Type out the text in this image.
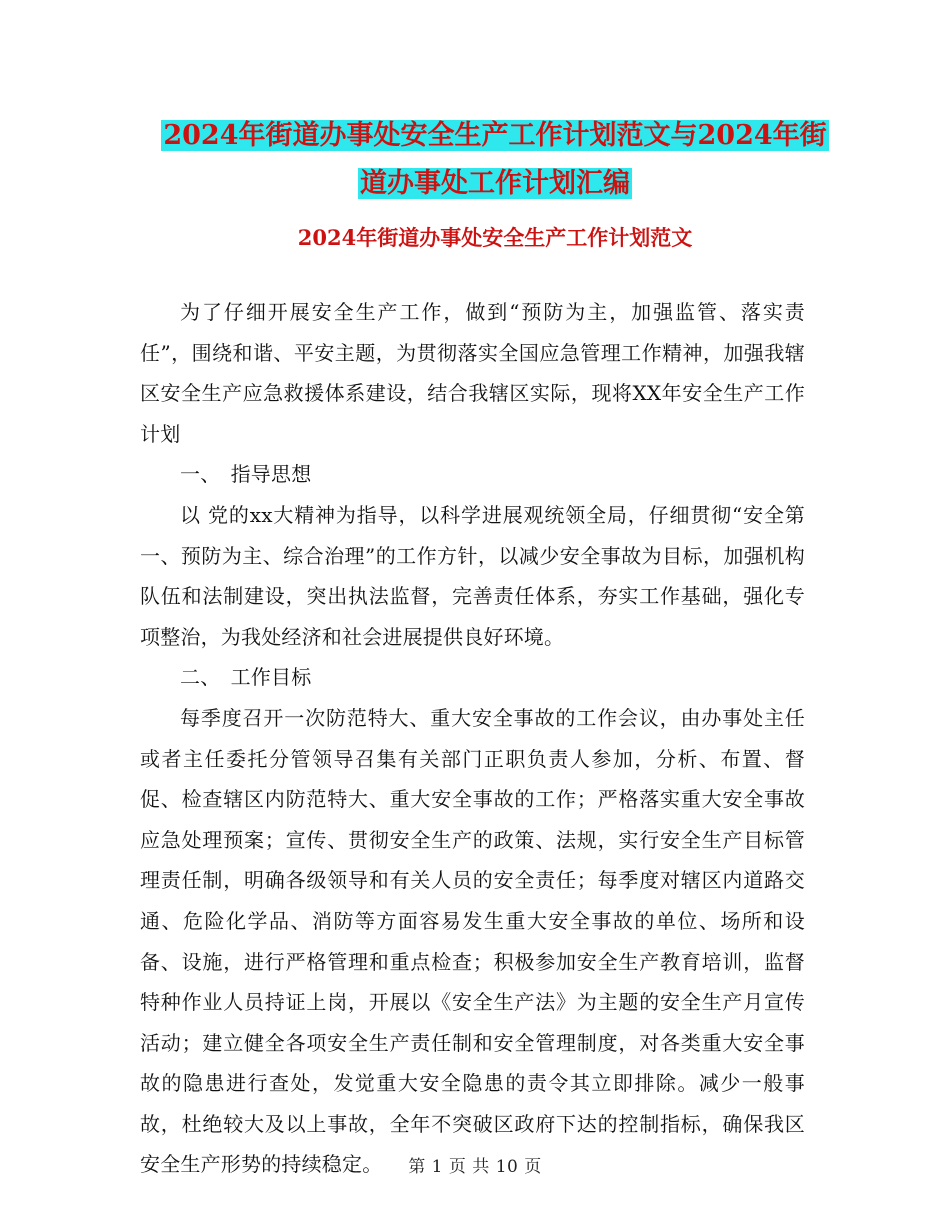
2024年街道办事处安全生产工作计划范文与2024年街
道办事处工作计划汇编
2024年街道办事处安全生产工作计划范文

为了仔细开展安全生产工作，做到“预防为主，加强监管、落实责任”，围绕和谐、平安主题，为贯彻落实全国应急管理工作精神，加强我辖区安全生产应急救援体系建设，结合我辖区实际，现将XX年安全生产工作计划

一、　指导思想

以 党的xx大精神为指导，以科学进展观统领全局，仔细贯彻“安全第一、预防为主、综合治理”的工作方针，以减少安全事故为目标，加强机构队伍和法制建设，突出执法监督，完善责任体系，夯实工作基础，强化专项整治，为我处经济和社会进展提供良好环境。

二、　工作目标

每季度召开一次防范特大、重大安全事故的工作会议，由办事处主任或者主任委托分管领导召集有关部门正职负责人参加，分析、布置、督促、检查辖区内防范特大、重大安全事故的工作；严格落实重大安全事故应急处理预案；宣传、贯彻安全生产的政策、法规，实行安全生产目标管理责任制，明确各级领导和有关人员的安全责任；每季度对辖区内道路交通、危险化学品、消防等方面容易发生重大安全事故的单位、场所和设备、设施，进行严格管理和重点检查；积极参加安全生产教育培训，监督特种作业人员持证上岗，开展以《安全生产法》为主题的安全生产月宣传活动；建立健全各项安全生产责任制和安全管理制度，对各类重大安全事故的隐患进行查处，发觉重大安全隐患的责令其立即排除。减少一般事故，杜绝较大及以上事故，全年不突破区政府下达的控制指标，确保我区安全生产形势的持续稳定。	第 1 页 共 10 页
